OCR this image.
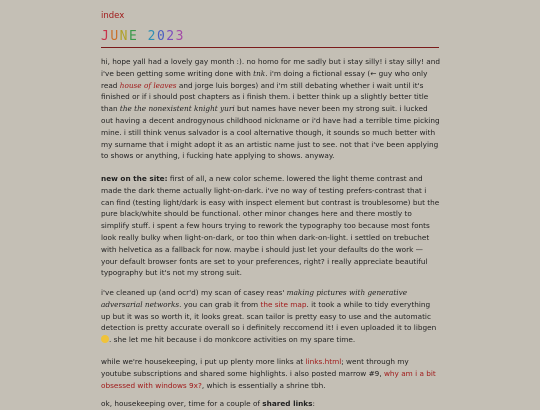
index
JUNE 2023

hi, hope yall had a lovely gay month :). no homo for me sadly but i stay silly! i stay silly! and i've been getting some writing done with tnk. i'm doing a fictional essay (← guy who only read house of leaves and jorge luis borges) and i'm still debating whether i wait until it's finished or if i should post chapters as i finish them. i better think up a slightly better title than the the nonexistent knight yuri but names have never been my strong suit. i lucked out having a decent androgynous childhood nickname or i'd have had a terrible time picking mine. i still think venus salvador is a cool alternative though, it sounds so much better with my surname that i might adopt it as an artistic name just to see. not that i've been applying to shows or anything, i fucking hate applying to shows. anyway.

new on the site: first of all, a new color scheme. lowered the light theme contrast and made the dark theme actually light-on-dark. i've no way of testing prefers-contrast that i can find (testing light/dark is easy with inspect element but contrast is troublesome) but the pure black/white should be functional. other minor changes here and there mostly to simplify stuff. i spent a few hours trying to rework the typography too because most fonts look really bulky when light-on-dark, or too thin when dark-on-light. i settled on trebuchet with helvetica as a fallback for now. maybe i should just let your defaults do the work — your default browser fonts are set to your preferences, right? i really appreciate beautiful typography but it's not my strong suit.

i've cleaned up (and ocr'd) my scan of casey reas' making pictures with generative adversarial networks. you can grab it from the site map. it took a while to tidy everything up but it was so worth it, it looks great. scan tailor is pretty easy to use and the automatic detection is pretty accurate overall so i definitely reccomend it! i even uploaded it to libgen . she let me hit because i do monkcore activities on my spare time.

while we're housekeeping, i put up plenty more links at links.html; went through my youtube subscriptions and shared some highlights. i also posted marrow #9, why am i a bit obsessed with windows 9x?, which is essentially a shrine tbh.

ok, housekeeping over, time for a couple of shared links:
